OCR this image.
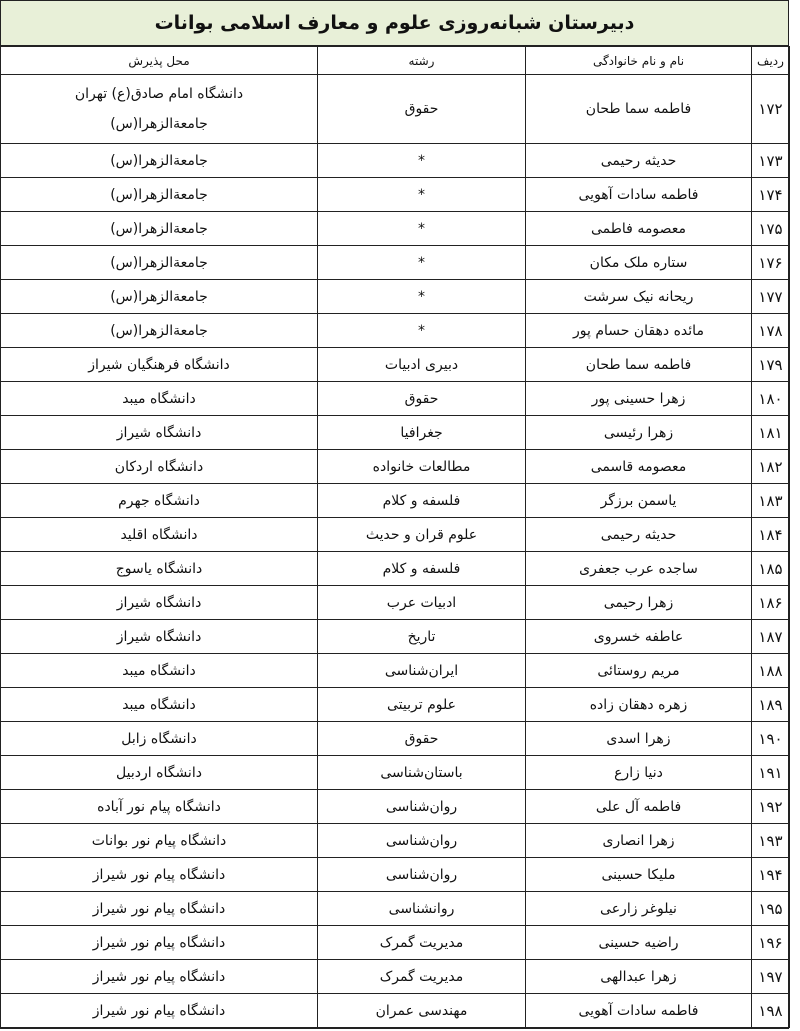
دبیرستان شبانه‌روزی علوم و معارف اسلامی بوانات
ردیف	نام و نام خانوادگی	رشته	محل پذیرش
۱۷۲	فاطمه سما طحان	حقوق	دانشگاه امام صادق(ع) تهران
جامعةالزهرا(س)

۱۷۳	حدیثه رحیمی	*	جامعةالزهرا(س)
۱۷۴	فاطمه سادات آهویی	*	جامعةالزهرا(س)
۱۷۵	معصومه فاطمی	*	جامعةالزهرا(س)
۱۷۶	ستاره ملک مکان	*	جامعةالزهرا(س)
۱۷۷	ریحانه نیک سرشت	*	جامعةالزهرا(س)
۱۷۸	مائده دهقان حسام پور	*	جامعةالزهرا(س)
۱۷۹	فاطمه سما طحان	دبیری ادبیات	دانشگاه فرهنگیان شیراز
۱۸۰	زهرا حسینی پور	حقوق	دانشگاه میبد
۱۸۱	زهرا رئیسی	جغرافیا	دانشگاه شیراز
۱۸۲	معصومه قاسمی	مطالعات خانواده	دانشگاه اردکان
۱۸۳	یاسمن برزگر	فلسفه و کلام	دانشگاه جهرم
۱۸۴	حدیثه رحیمی	علوم قران و حدیث	دانشگاه اقلید
۱۸۵	ساجده عرب جعفری	فلسفه و کلام	دانشگاه یاسوج
۱۸۶	زهرا رحیمی	ادبیات عرب	دانشگاه شیراز
۱۸۷	عاطفه خسروی	تاریخ	دانشگاه شیراز
۱۸۸	مریم روستائی	ایران‌شناسی	دانشگاه میبد
۱۸۹	زهره دهقان زاده	علوم تربیتی	دانشگاه میبد
۱۹۰	زهرا اسدی	حقوق	دانشگاه زابل
۱۹۱	دنیا زارع	باستان‌شناسی	دانشگاه اردبیل
۱۹۲	فاطمه آل علی	روان‌شناسی	دانشگاه پیام نور آباده
۱۹۳	زهرا انصاری	روان‌شناسی	دانشگاه پیام نور بوانات
۱۹۴	ملیکا حسینی	روان‌شناسی	دانشگاه پیام نور شیراز
۱۹۵	نیلوغر زارعی	روانشناسی	دانشگاه پیام نور شیراز
۱۹۶	راضیه حسینی	مدیریت گمرک	دانشگاه پیام نور شیراز
۱۹۷	زهرا عبدالهی	مدیریت گمرک	دانشگاه پیام نور شیراز
۱۹۸	فاطمه سادات آهویی	مهندسی عمران	دانشگاه پیام نور شیراز
